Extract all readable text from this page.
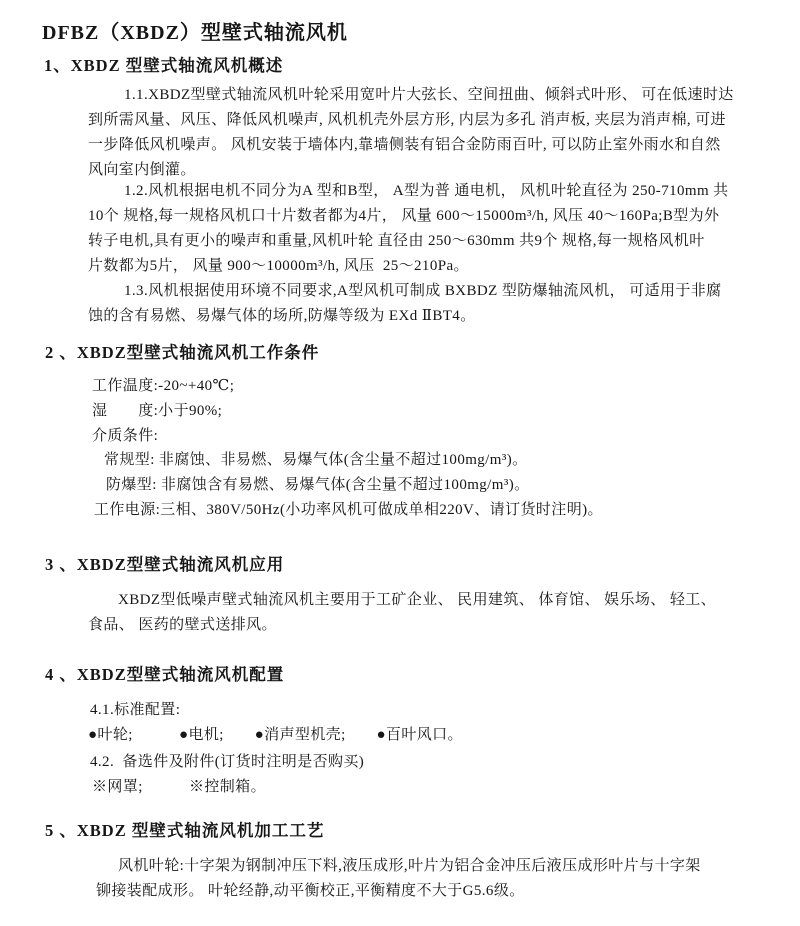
DFBZ（XBDZ）型壁式轴流风机
1、XBDZ 型壁式轴流风机概述
1.1.XBDZ型壁式轴流风机叶轮采用宽叶片大弦长、空间扭曲、倾斜式叶形、 可在低速时达
到所需风量、风压、降低风机噪声, 风机机壳外层方形, 内层为多孔 消声板, 夹层为消声棉, 可进
一步降低风机噪声。 风机安装于墙体内,靠墙侧装有铝合金防雨百叶, 可以防止室外雨水和自然
风向室内倒灌。
1.2.风机根据电机不同分为A 型和B型， A型为普 通电机， 风机叶轮直径为 250-710mm 共
10个 规格,每一规格风机口十片数者都为4片， 风量 600～15000m³/h, 风压 40～160Pa;B型为外
转子电机,具有更小的噪声和重量,风机叶轮 直径由 250～630mm 共9个 规格,每一规格风机叶
片数都为5片， 风量 900～10000m³/h, 风压  25～210Pa。
1.3.风机根据使用环境不同要求,A型风机可制成 BXBDZ 型防爆轴流风机， 可适用于非腐
蚀的含有易燃、易爆气体的场所,防爆等级为 EXd ⅡBT4。
2 、XBDZ型壁式轴流风机工作条件
工作温度:-20~+40℃;
湿　　度:小于90%;
介质条件:
常规型: 非腐蚀、非易燃、易爆气体(含尘量不超过100mg/m³)。
防爆型: 非腐蚀含有易燃、易爆气体(含尘量不超过100mg/m³)。
工作电源:三相、380V/50Hz(小功率风机可做成单相220V、请订货时注明)。
3 、XBDZ型壁式轴流风机应用
XBDZ型低噪声壁式轴流风机主要用于工矿企业、 民用建筑、 体育馆、 娱乐场、 轻工、
食品、 医药的壁式送排风。
4 、XBDZ型壁式轴流风机配置
4.1.标准配置:
●叶轮;　　　●电机;　　●消声型机壳;　　●百叶风口。
4.2.  备选件及附件(订货时注明是否购买)
※网罩;　　　※控制箱。
5 、XBDZ 型壁式轴流风机加工工艺
风机叶轮:十字架为钢制冲压下料,液压成形,叶片为铝合金冲压后液压成形叶片与十字架
铆接装配成形。 叶轮经静,动平衡校正,平衡精度不大于G5.6级。
